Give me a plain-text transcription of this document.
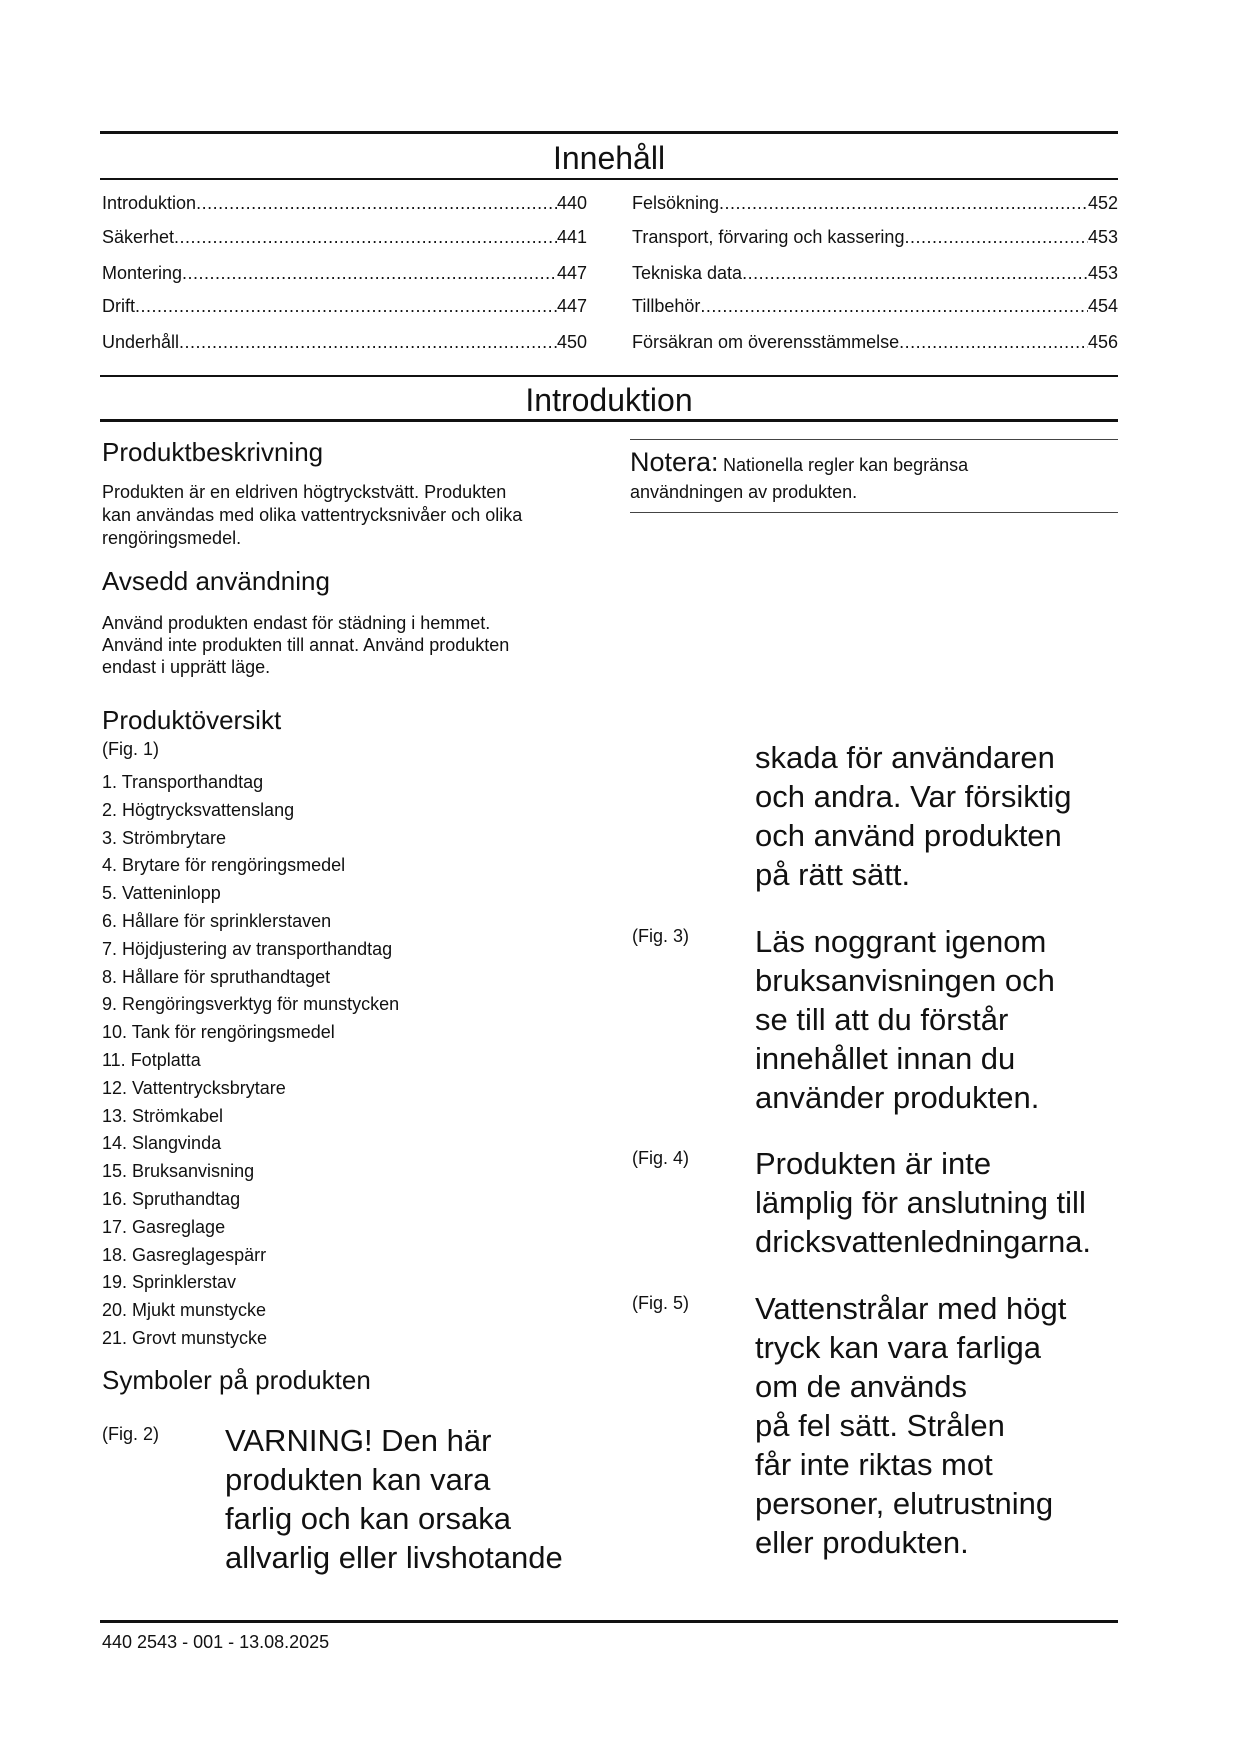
Innehåll
Introduktion .....	440
Säkerhet .....	441
Montering .....	447
Drift .....	447
Underhåll .....	450
Felsökning .....	452
Transport, förvaring och kassering .....	453
Tekniska data .....	453
Tillbehör .....	454
Försäkran om överensstämmelse .....	456
Introduktion
Produktbeskrivning
Produkten är en eldriven högtryckstvätt. Produkten
kan användas med olika vattentrycksnivåer och olika
rengöringsmedel.
Avsedd användning
Använd produkten endast för städning i hemmet.
Använd inte produkten till annat. Använd produkten
endast i upprätt läge.
Produktöversikt
(Fig. 1)
1. Transporthandtag
2. Högtrycksvattenslang
3. Strömbrytare
4. Brytare för rengöringsmedel
5. Vatteninlopp
6. Hållare för sprinklerstaven
7. Höjdjustering av transporthandtag
8. Hållare för spruthandtaget
9. Rengöringsverktyg för munstycken
10. Tank för rengöringsmedel
11. Fotplatta
12. Vattentrycksbrytare
13. Strömkabel
14. Slangvinda
15. Bruksanvisning
16. Spruthandtag
17. Gasreglage
18. Gasreglagespärr
19. Sprinklerstav
20. Mjukt munstycke
21. Grovt munstycke
Symboler på produkten
(Fig. 2) VARNING! Den här
produkten kan vara
farlig och kan orsaka
allvarlig eller livshotande
Notera: Nationella regler kan begränsa
användningen av produkten.
skada för användaren
och andra. Var försiktig
och använd produkten
på rätt sätt.
(Fig. 3) Läs noggrant igenom
bruksanvisningen och
se till att du förstår
innehållet innan du
använder produkten.
(Fig. 4) Produkten är inte
lämplig för anslutning till
dricksvattenledningarna.
(Fig. 5) Vattenstrålar med högt
tryck kan vara farliga
om de används
på fel sätt. Strålen
får inte riktas mot
personer, elutrustning
eller produkten.
440 2543 - 001 - 13.08.2025
